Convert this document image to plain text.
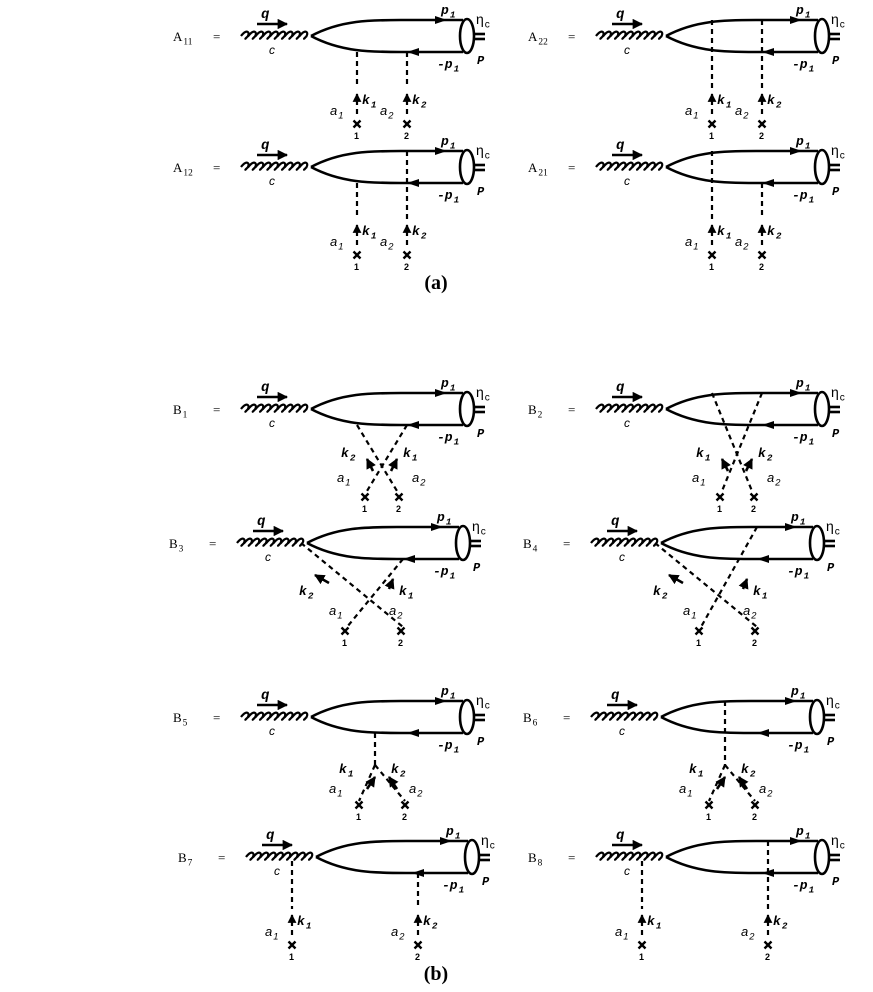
$A_{11}$ =
q
c
$\eta_c$
$p_1$
$-p_1$
P
$k_1$
$a_1$
1
$k_2$
$a_2$
2
$A_{22}$ =
q
c
$\eta_c$
$p_1$
$-p_1$
P
$k_1$
$a_1$
1
$k_2$
$a_2$
2
$A_{12}$ =
q
c
$\eta_c$
$p_1$
$-p_1$
P
$k_1$
$a_1$
1
$k_2$
$a_2$
2
$A_{21}$ =
q
c
$\eta_c$
$p_1$
$-p_1$
P
$k_1$
$a_1$
1
$k_2$
$a_2$
2
$B_1$ =
q
c
$\eta_c$
$p_1$
$-p_1$
P
$k_2$	$k_1$
$a_1$	$a_2$
1	2
$B_2$ =
q
c
$\eta_c$
$p_1$
$-p_1$
P
$k_1$	$k_2$
$a_1$	$a_2$
1	2
$B_3$ =
q
c
$\eta_c$
$p_1$
$-p_1$
P
$k_2$	$k_1$
$a_1$	$a_2$
1	2
$B_4$ =
q
c
$\eta_c$
$p_1$
$-p_1$
P
$k_2$	$k_1$
$a_1$	$a_2$
1	2
$B_5$ =
q
c
$\eta_c$
$p_1$
$-p_1$
P
$k_1$	$k_2$
$a_1$	$a_2$
1	2
$B_6$ =
q
c
$\eta_c$
$p_1$
$-p_1$
P
$k_1$	$k_2$
$a_1$	$a_2$
1	2
$B_7$ =
q
c
$\eta_c$
$p_1$
$-p_1$
P
$k_1$
$a_1$
1
$k_2$
$a_2$
2
$B_8$ =
q
c
$\eta_c$
$p_1$
$-p_1$
P
$k_1$
$a_1$
1
$k_2$
$a_2$
2
(a)
(b)
